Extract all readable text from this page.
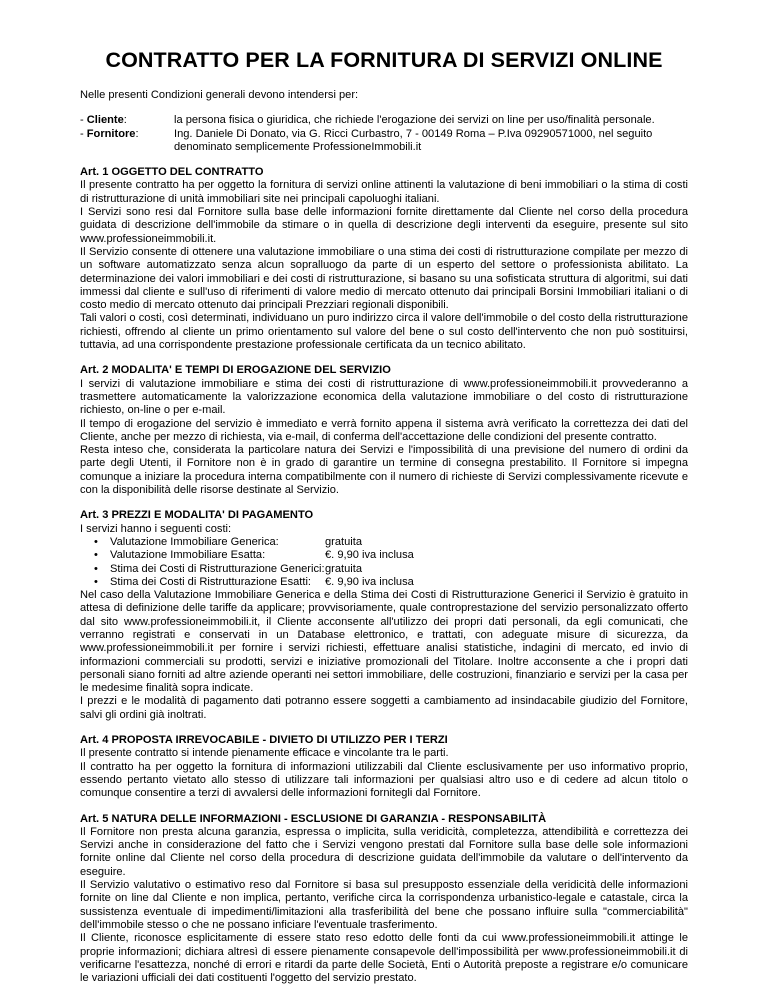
CONTRATTO PER LA FORNITURA DI SERVIZI ONLINE

Nelle presenti Condizioni generali devono intendersi per:

- Cliente:	la persona fisica o giuridica, che richiede l'erogazione dei servizi on line per uso/finalità personale.
- Fornitore:	Ing. Daniele Di Donato, via G. Ricci Curbastro, 7 - 00149 Roma – P.Iva 09290571000, nel seguito denominato semplicemente ProfessioneImmobili.it
Art. 1 OGGETTO DEL CONTRATTO

Il presente contratto ha per oggetto la fornitura di servizi online attinenti la valutazione di beni immobiliari o la stima di costi di ristrutturazione di unità immobiliari site nei principali capoluoghi italiani.

I Servizi sono resi dal Fornitore sulla base delle informazioni fornite direttamente dal Cliente nel corso della procedura guidata di descrizione dell'immobile da stimare o in quella di descrizione degli interventi da eseguire, presente sul sito www.professioneimmobili.it.

Il Servizio consente di ottenere una valutazione immobiliare o una stima dei costi di ristrutturazione compilate per mezzo di un software automatizzato senza alcun sopralluogo da parte di un esperto del settore o professionista abilitato. La determinazione dei valori immobiliari e dei costi di ristrutturazione, si basano su una sofisticata struttura di algoritmi, sui dati immessi dal cliente e sull'uso di riferimenti di valore medio di mercato ottenuto dai principali Borsini Immobiliari italiani o di costo medio di mercato ottenuto dai principali Prezziari regionali disponibili.

Tali valori o costi, così determinati, individuano un puro indirizzo circa il valore dell'immobile o del costo della ristrutturazione richiesti, offrendo al cliente un primo orientamento sul valore del bene o sul costo dell'intervento che non può sostituirsi, tuttavia, ad una corrispondente prestazione professionale certificata da un tecnico abilitato.

Art. 2 MODALITA' E TEMPI DI EROGAZIONE DEL SERVIZIO

I servizi di valutazione immobiliare e stima dei costi di ristrutturazione di www.professioneimmobili.it provvederanno a trasmettere automaticamente la valorizzazione economica della valutazione immobiliare o del costo di ristrutturazione richiesto, on-line o per e-mail.

Il tempo di erogazione del servizio è immediato e verrà fornito appena il sistema avrà verificato la correttezza dei dati del Cliente, anche per mezzo di richiesta, via e-mail, di conferma dell'accettazione delle condizioni del presente contratto.

Resta inteso che, considerata la particolare natura dei Servizi e l'impossibilità di una previsione del numero di ordini da parte degli Utenti, il Fornitore non è in grado di garantire un termine di consegna prestabilito. Il Fornitore si impegna comunque a iniziare la procedura interna compatibilmente con il numero di richieste di Servizi complessivamente ricevute e con la disponibilità delle risorse destinate al Servizio.

Art. 3 PREZZI E MODALITA' DI PAGAMENTO

I servizi hanno i seguenti costi:

•	Valutazione Immobiliare Generica:	gratuita
•	Valutazione Immobiliare Esatta:	€. 9,90 iva inclusa
•	Stima dei Costi di Ristrutturazione Generici: gratuita
•	Stima dei Costi di Ristrutturazione Esatti:	€. 9,90 iva inclusa

Nel caso della Valutazione Immobiliare Generica e della Stima dei Costi di Ristrutturazione Generici il Servizio è gratuito in attesa di definizione delle tariffe da applicare; provvisoriamente, quale controprestazione del servizio personalizzato offerto dal sito www.professioneimmobili.it, il Cliente acconsente all'utilizzo dei propri dati personali, da egli comunicati, che verranno registrati e conservati in un Database elettronico, e trattati, con adeguate misure di sicurezza, da www.professioneimmobili.it per fornire i servizi richiesti, effettuare analisi statistiche, indagini di mercato, ed invio di informazioni commerciali su prodotti, servizi e iniziative promozionali del Titolare. Inoltre acconsente a che i propri dati personali siano forniti ad altre aziende operanti nei settori immobiliare, delle costruzioni, finanziario e servizi per la casa per le medesime finalità sopra indicate.

I prezzi e le modalità di pagamento dati potranno essere soggetti a cambiamento ad insindacabile giudizio del Fornitore, salvi gli ordini già inoltrati.

Art. 4 PROPOSTA IRREVOCABILE - DIVIETO DI UTILIZZO PER I TERZI

Il presente contratto si intende pienamente efficace e vincolante tra le parti.

Il contratto ha per oggetto la fornitura di informazioni utilizzabili dal Cliente esclusivamente per uso informativo proprio, essendo pertanto vietato allo stesso di utilizzare tali informazioni per qualsiasi altro uso e di cedere ad alcun titolo o comunque consentire a terzi di avvalersi delle informazioni fornitegli dal Fornitore.

Art. 5 NATURA DELLE INFORMAZIONI - ESCLUSIONE DI GARANZIA - RESPONSABILITÀ

Il Fornitore non presta alcuna garanzia, espressa o implicita, sulla veridicità, completezza, attendibilità e correttezza dei Servizi anche in considerazione del fatto che i Servizi vengono prestati dal Fornitore sulla base delle sole informazioni fornite online dal Cliente nel corso della procedura di descrizione guidata dell'immobile da valutare o dell'intervento da eseguire.

Il Servizio valutativo o estimativo reso dal Fornitore si basa sul presupposto essenziale della veridicità delle informazioni fornite on line dal Cliente e non implica, pertanto, verifiche circa la corrispondenza urbanistico-legale e catastale, circa la sussistenza eventuale di impedimenti/limitazioni alla trasferibilità del bene che possano influire sulla "commerciabilità" dell'immobile stesso o che ne possano inficiare l'eventuale trasferimento.

Il Cliente, riconosce esplicitamente di essere stato reso edotto delle fonti da cui www.professioneimmobili.it attinge le proprie informazioni; dichiara altresì di essere pienamente consapevole dell'impossibilità per www.professioneimmobili.it di verificarne l'esattezza, nonché di errori e ritardi da parte delle Società, Enti o Autorità preposte a registrare e/o comunicare le variazioni ufficiali dei dati costituenti l'oggetto del servizio prestato.
